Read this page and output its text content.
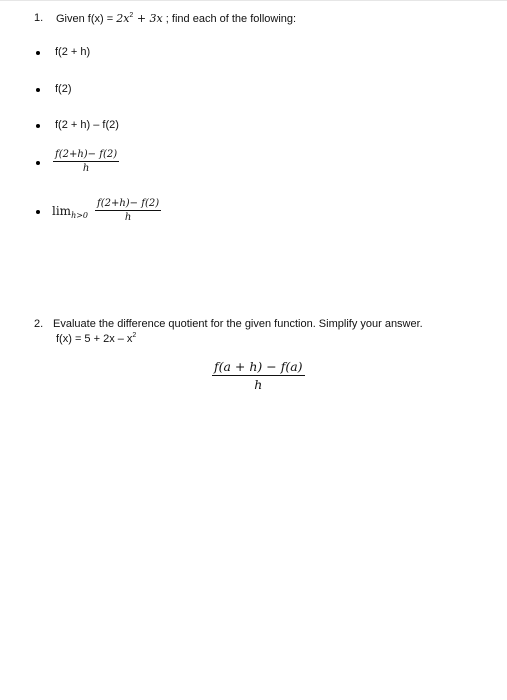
1. Given $f(x) = 2x^2 + 3x$ ; find each of the following:
f(2 + h)
f(2)
f(2 + h) – f(2)
$\frac{f(2+h)- f(2)}{h}$
$\lim_{h>0} \frac{f(2+h)- f(2)}{h}$
2. Evaluate the difference quotient for the given function. Simplify your answer.
$f(x) = 5 + 2x - x^2$
$\frac{f(a + h) - f(a)}{h}$
